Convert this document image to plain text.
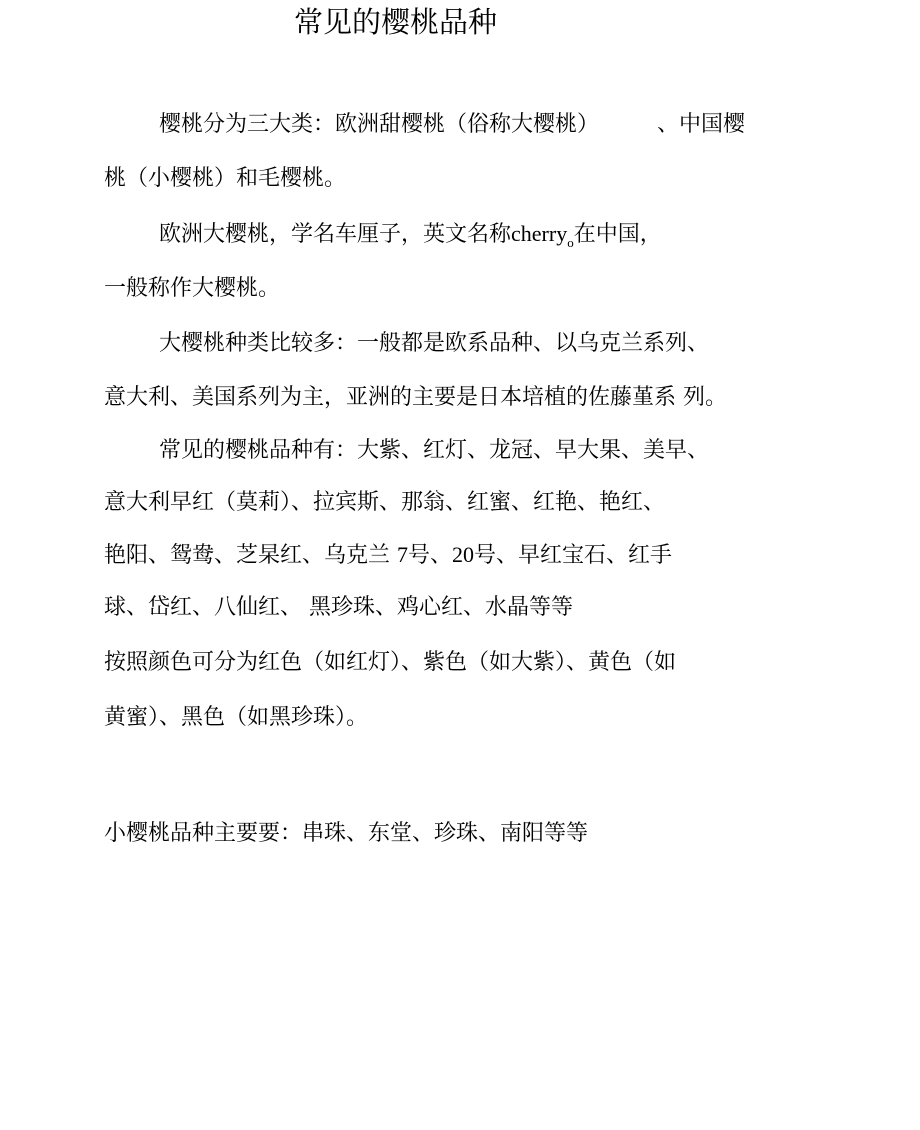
常见的樱桃品种

樱桃分为三大类：欧洲甜樱桃（俗称大樱桃）	、中国樱

桃（小樱桃）和毛樱桃。

欧洲大樱桃，学名车厘子，英文名称cherry$_o$在中国，

一般称作大樱桃。

大樱桃种类比较多：一般都是欧系品种、以乌克兰系列、

意大利、美国系列为主，亚洲的主要是日本培植的佐藤堇系 列。

常见的樱桃品种有：大紫、红灯、龙冠、早大果、美早、

意大利早红（莫莉）、拉宾斯、那翁、红蜜、红艳、艳红、

艳阳、鸳鸯、芝杲红、乌克兰 7号、20号、早红宝石、红手

球、岱红、八仙红、 黑珍珠、鸡心红、水晶等等

按照颜色可分为红色（如红灯）、紫色（如大紫）、黄色（如

黄蜜）、黑色（如黑珍珠）。

小樱桃品种主要要：串珠、东堂、珍珠、南阳等等
